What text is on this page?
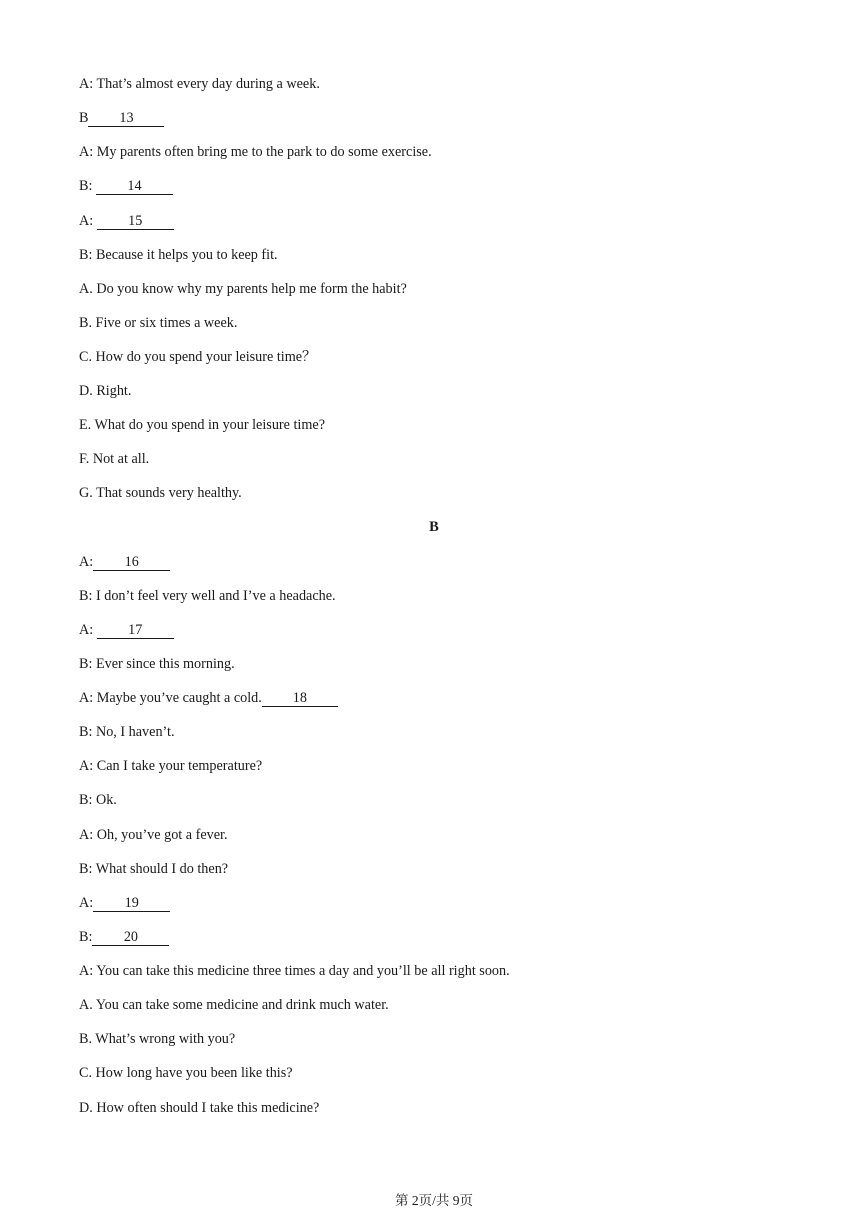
A: That’s almost every day during a week.
B 13
A: My parents often bring me to the park to do some exercise.
B: 14
A: 15
B: Because it helps you to keep fit.
A. Do you know why my parents help me form the habit?
B. Five or six times a week.
C. How do you spend your leisure time？
D. Right.
E. What do you spend in your leisure time?
F. Not at all.
G. That sounds very healthy.
B
A: 16
B: I don’t feel very well and I’ve a headache.
A: 17
B: Ever since this morning.
A: Maybe you’ve caught a cold. 18
B: No, I haven’t.
A: Can I take your temperature?
B: Ok.
A: Oh, you’ve got a fever.
B: What should I do then?
A: 19
B: 20
A: You can take this medicine three times a day and you’ll be all right soon.
A. You can take some medicine and drink much water.
B. What’s wrong with you?
C. How long have you been like this?
D. How often should I take this medicine?
第 2页/共 9页
